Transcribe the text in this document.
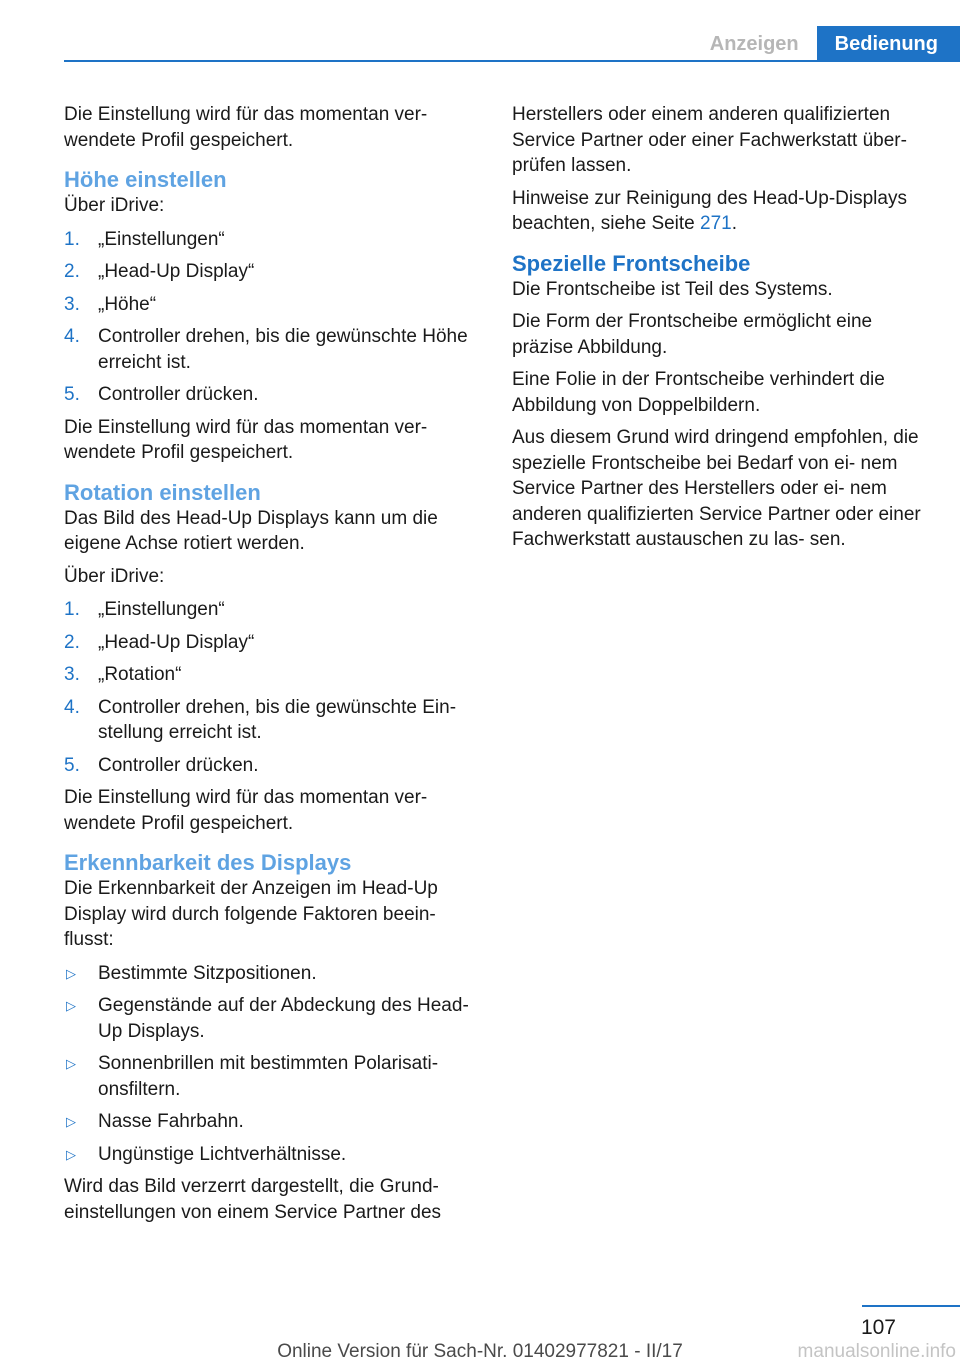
Anzeigen	Bedienung

Die Einstellung wird für das momentan ver‐ wendete Profil gespeichert.

Höhe einstellen

Über iDrive:

1. „Einstellungen“
2. „Head-Up Display“
3. „Höhe“
4. Controller drehen, bis die gewünschte Höhe erreicht ist.
5. Controller drücken.

Die Einstellung wird für das momentan ver‐ wendete Profil gespeichert.

Rotation einstellen

Das Bild des Head-Up Displays kann um die eigene Achse rotiert werden.

Über iDrive:

1. „Einstellungen“
2. „Head-Up Display“
3. „Rotation“
4. Controller drehen, bis die gewünschte Ein‐ stellung erreicht ist.
5. Controller drücken.

Die Einstellung wird für das momentan ver‐ wendete Profil gespeichert.

Erkennbarkeit des Displays

Die Erkennbarkeit der Anzeigen im Head-Up Display wird durch folgende Faktoren beein‐ flusst:

▷ Bestimmte Sitzpositionen.
▷ Gegenstände auf der Abdeckung des Head-Up Displays.
▷ Sonnenbrillen mit bestimmten Polarisati‐ onsfiltern.
▷ Nasse Fahrbahn.
▷ Ungünstige Lichtverhältnisse.

Wird das Bild verzerrt dargestellt, die Grund‐ einstellungen von einem Service Partner des

Herstellers oder einem anderen qualifizierten Service Partner oder einer Fachwerkstatt über‐ prüfen lassen.

Hinweise zur Reinigung des Head-Up-Displays beachten, siehe Seite 271.

Spezielle Frontscheibe

Die Frontscheibe ist Teil des Systems.

Die Form der Frontscheibe ermöglicht eine präzise Abbildung.

Eine Folie in der Frontscheibe verhindert die Abbildung von Doppelbildern.

Aus diesem Grund wird dringend empfohlen, die spezielle Frontscheibe bei Bedarf von ei‐ nem Service Partner des Herstellers oder ei‐ nem anderen qualifizierten Service Partner oder einer Fachwerkstatt austauschen zu las‐ sen.

107
Online Version für Sach-Nr. 01402977821 - II/17	manualsonline.info
